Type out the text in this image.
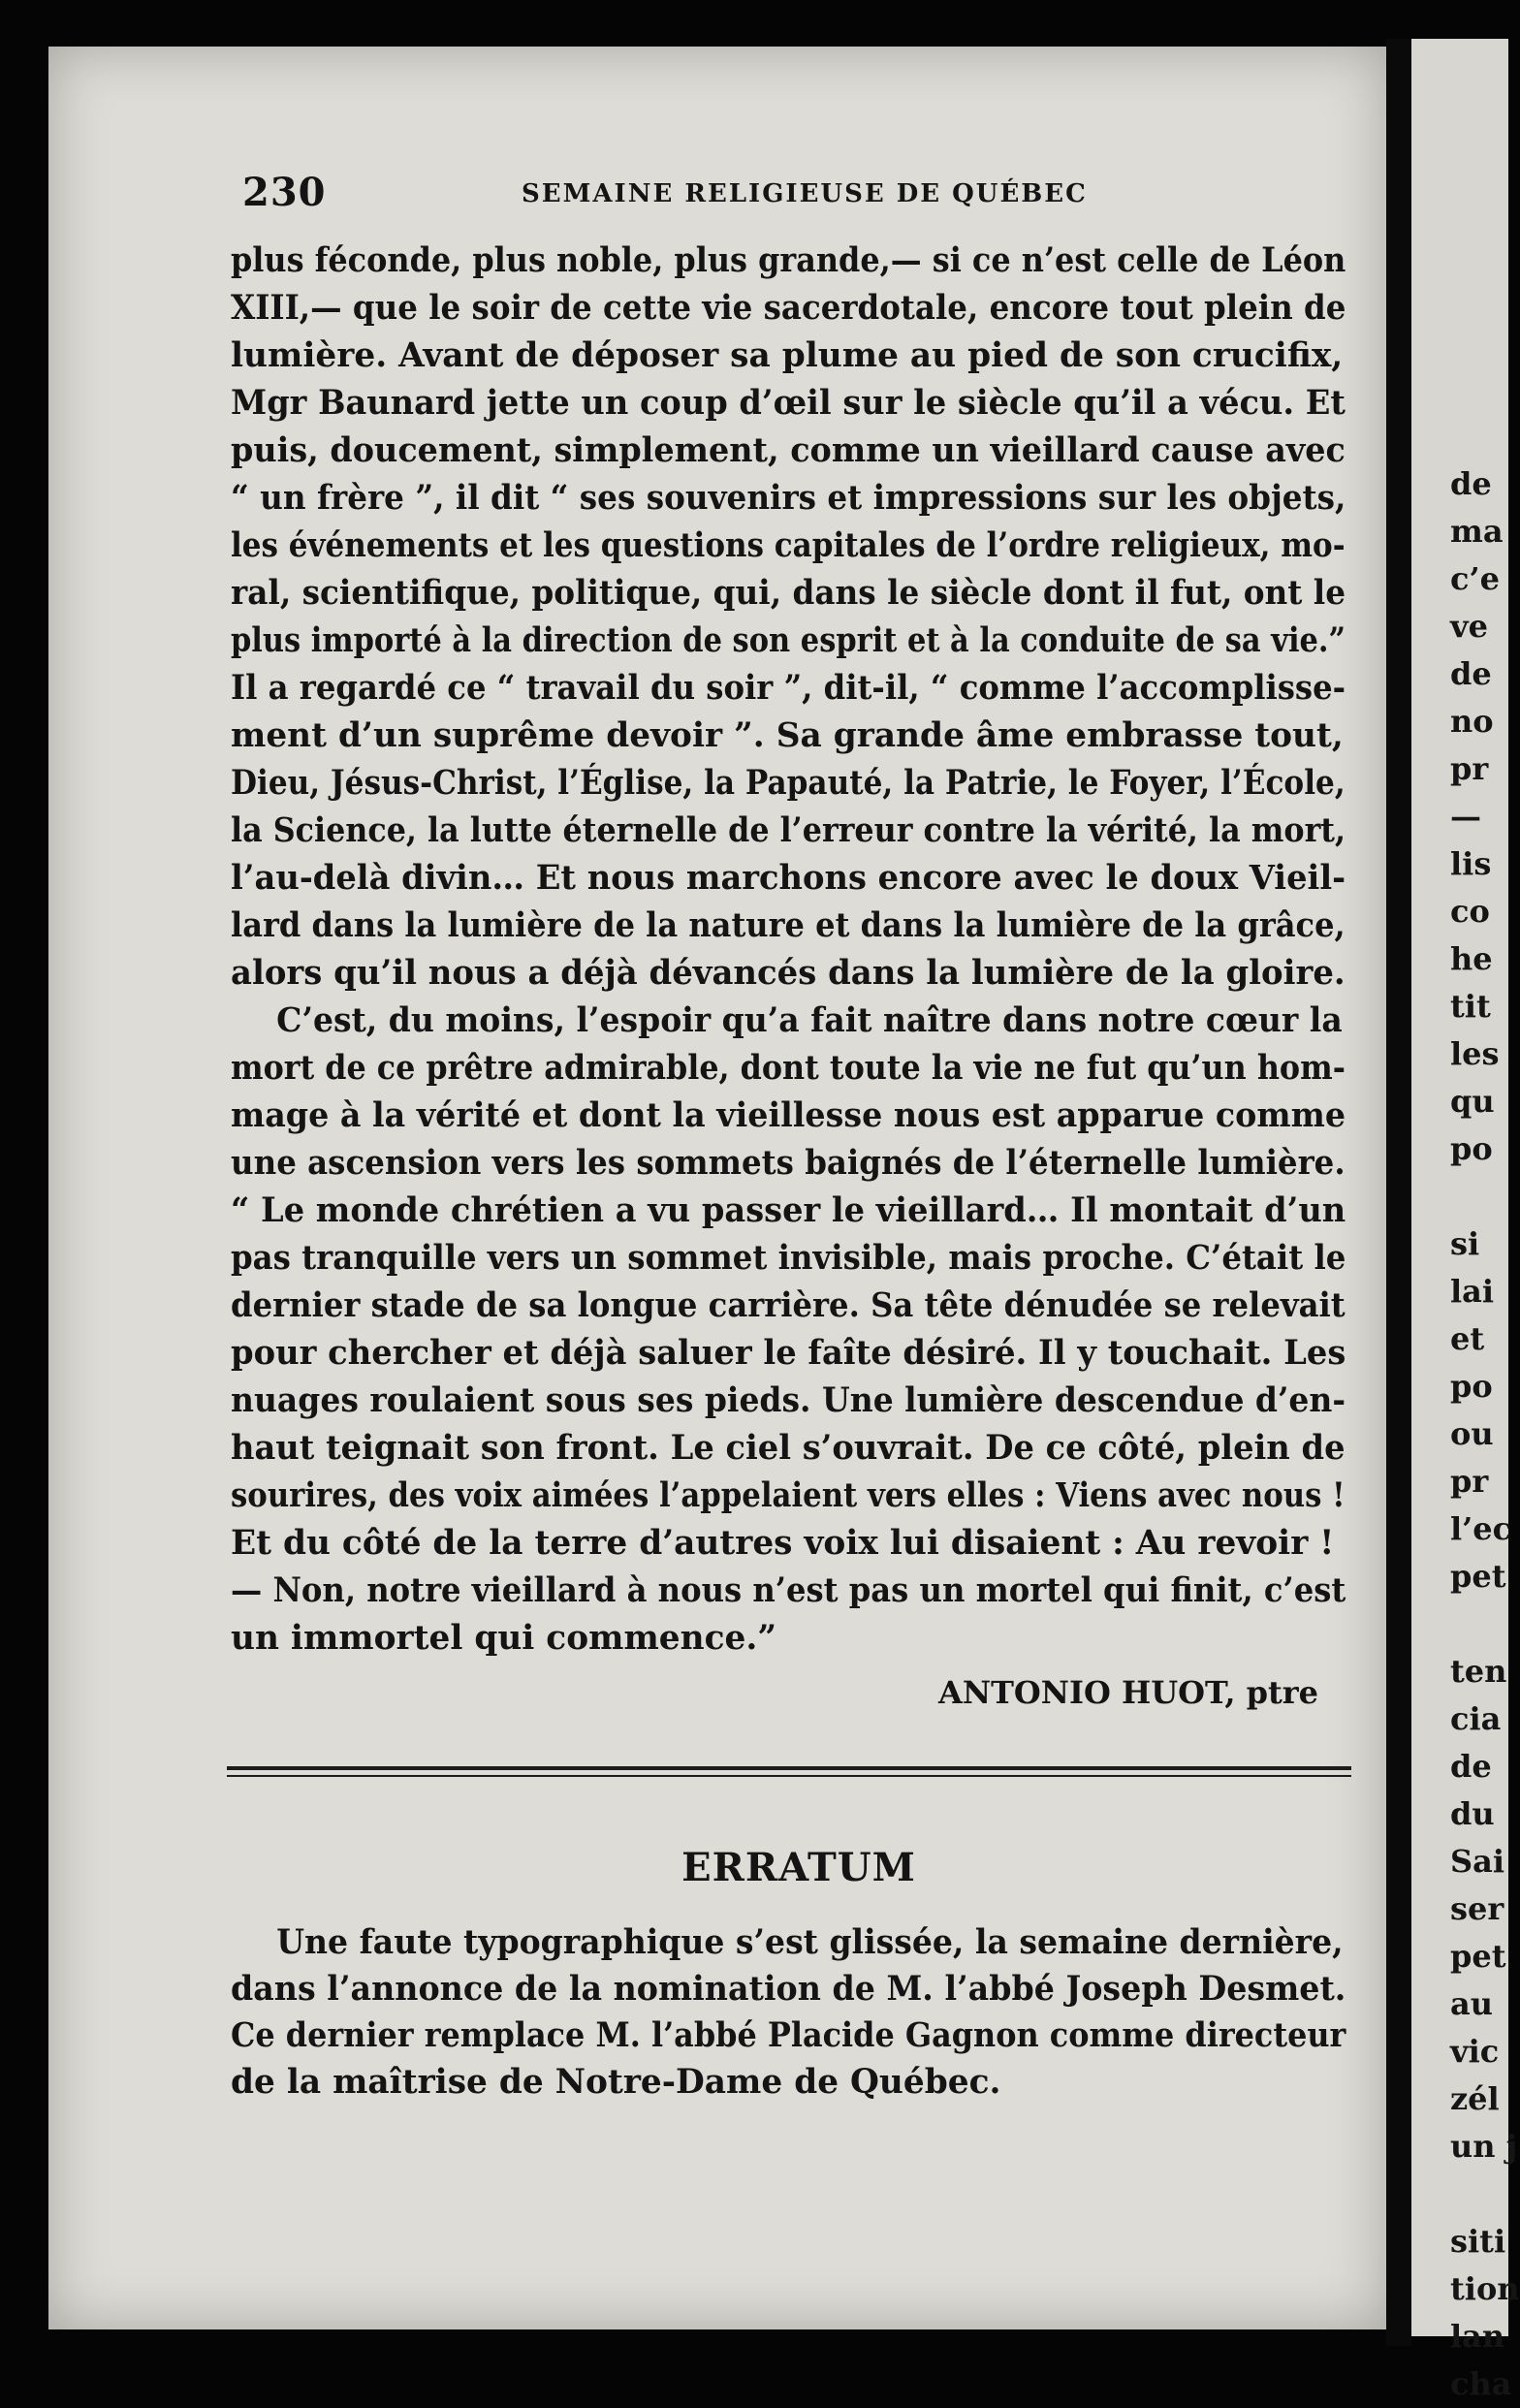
de
ma
c’e
ve
de
no
pr
—
lis
co
he
tit
les
qu
po
si
lai
et
po
ou
pr
l’ec
pet
ten
cia
de
du
Sai
ser
pet
au
vic
zél
un j
siti
tion
lan
cha
230	SEMAINE RELIGIEUSE DE QUÉBEC
plus féconde, plus noble, plus grande,— si ce n’est celle de Léon
XIII,— que le soir de cette vie sacerdotale, encore tout plein de
lumière. Avant de déposer sa plume au pied de son crucifix,
Mgr Baunard jette un coup d’œil sur le siècle qu’il a vécu. Et
puis, doucement, simplement, comme un vieillard cause avec
“ un frère ”, il dit “ ses souvenirs et impressions sur les objets,
les événements et les questions capitales de l’ordre religieux, mo-
ral, scientifique, politique, qui, dans le siècle dont il fut, ont le
plus importé à la direction de son esprit et à la conduite de sa vie.”
Il a regardé ce “ travail du soir ”, dit-il, “ comme l’accomplisse-
ment d’un suprême devoir ”. Sa grande âme embrasse tout,
Dieu, Jésus-Christ, l’Église, la Papauté, la Patrie, le Foyer, l’École,
la Science, la lutte éternelle de l’erreur contre la vérité, la mort,
l’au-delà divin… Et nous marchons encore avec le doux Vieil-
lard dans la lumière de la nature et dans la lumière de la grâce,
alors qu’il nous a déjà dévancés dans la lumière de la gloire.
C’est, du moins, l’espoir qu’a fait naître dans notre cœur la
mort de ce prêtre admirable, dont toute la vie ne fut qu’un hom-
mage à la vérité et dont la vieillesse nous est apparue comme
une ascension vers les sommets baignés de l’éternelle lumière.
“ Le monde chrétien a vu passer le vieillard… Il montait d’un
pas tranquille vers un sommet invisible, mais proche. C’était le
dernier stade de sa longue carrière. Sa tête dénudée se relevait
pour chercher et déjà saluer le faîte désiré. Il y touchait. Les
nuages roulaient sous ses pieds. Une lumière descendue d’en-
haut teignait son front. Le ciel s’ouvrait. De ce côté, plein de
sourires, des voix aimées l’appelaient vers elles : Viens avec nous !
Et du côté de la terre d’autres voix lui disaient : Au revoir !
— Non, notre vieillard à nous n’est pas un mortel qui finit, c’est
un immortel qui commence.”
ANTONIO HUOT, ptre
ERRATUM
Une faute typographique s’est glissée, la semaine dernière,
dans l’annonce de la nomination de M. l’abbé Joseph Desmet.
Ce dernier remplace M. l’abbé Placide Gagnon comme directeur
de la maîtrise de Notre-Dame de Québec.
